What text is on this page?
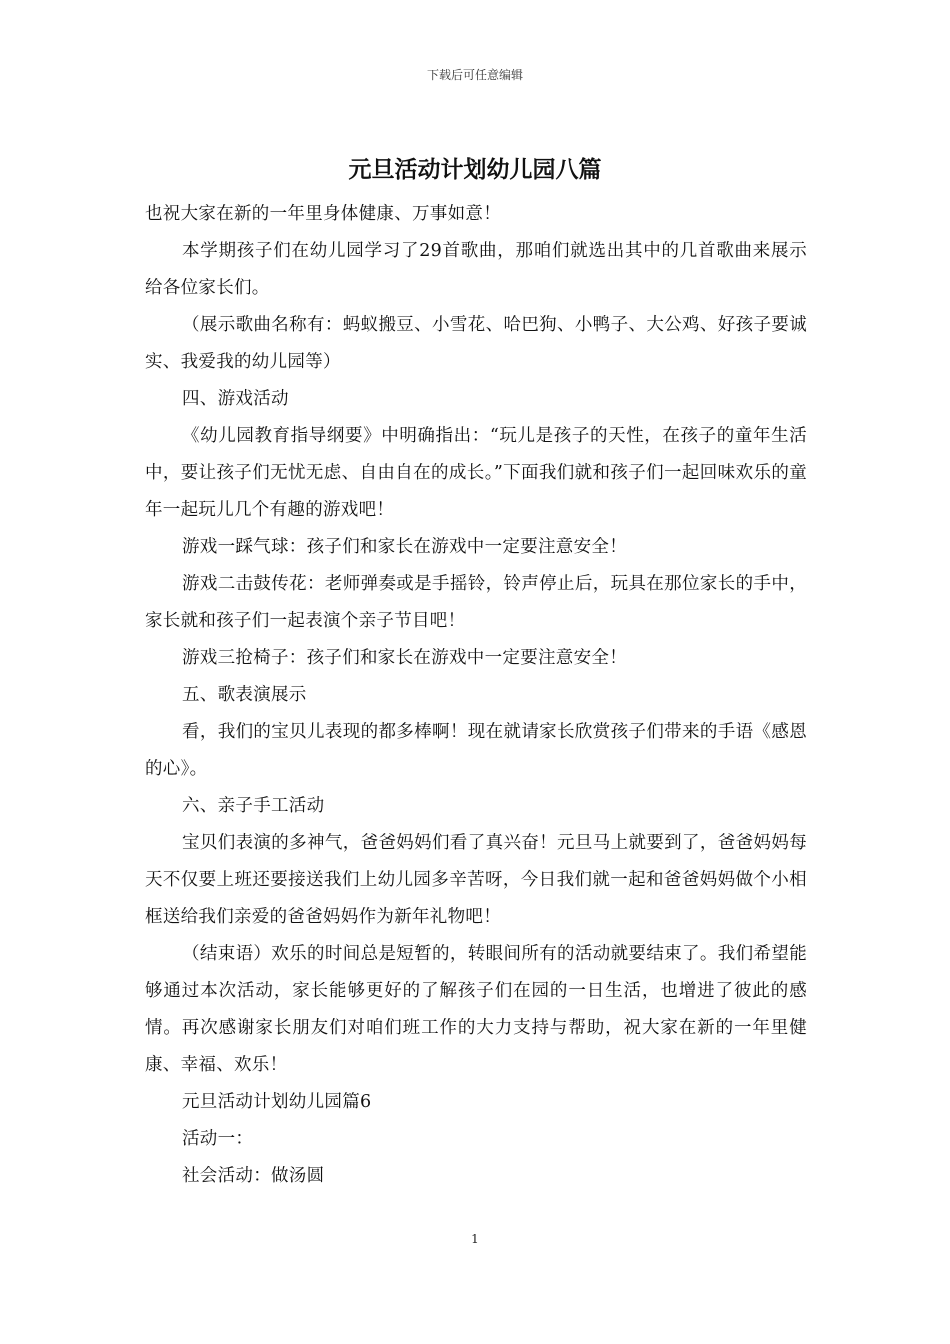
下载后可任意编辑
元旦活动计划幼儿园八篇

也祝大家在新的一年里身体健康、万事如意！

本学期孩子们在幼儿园学习了29首歌曲，那咱们就选出其中的几首歌曲来展示给各位家长们。

（展示歌曲名称有：蚂蚁搬豆、小雪花、哈巴狗、小鸭子、大公鸡、好孩子要诚实、我爱我的幼儿园等）

四、游戏活动

《幼儿园教育指导纲要》中明确指出：“玩儿是孩子的天性，在孩子的童年生活中，要让孩子们无忧无虑、自由自在的成长。”下面我们就和孩子们一起回味欢乐的童年一起玩儿几个有趣的游戏吧！

游戏一踩气球：孩子们和家长在游戏中一定要注意安全！

游戏二击鼓传花：老师弹奏或是手摇铃，铃声停止后，玩具在那位家长的手中，家长就和孩子们一起表演个亲子节目吧！

游戏三抢椅子：孩子们和家长在游戏中一定要注意安全！

五、歌表演展示

看，我们的宝贝儿表现的都多棒啊！现在就请家长欣赏孩子们带来的手语《感恩的心》。

六、亲子手工活动

宝贝们表演的多神气，爸爸妈妈们看了真兴奋！元旦马上就要到了，爸爸妈妈每天不仅要上班还要接送我们上幼儿园多辛苦呀，今日我们就一起和爸爸妈妈做个小相框送给我们亲爱的爸爸妈妈作为新年礼物吧！

（结束语）欢乐的时间总是短暂的，转眼间所有的活动就要结束了。我们希望能够通过本次活动，家长能够更好的了解孩子们在园的一日生活，也增进了彼此的感情。再次感谢家长朋友们对咱们班工作的大力支持与帮助，祝大家在新的一年里健康、幸福、欢乐！

元旦活动计划幼儿园篇6

活动一：

社会活动：做汤圆

1
